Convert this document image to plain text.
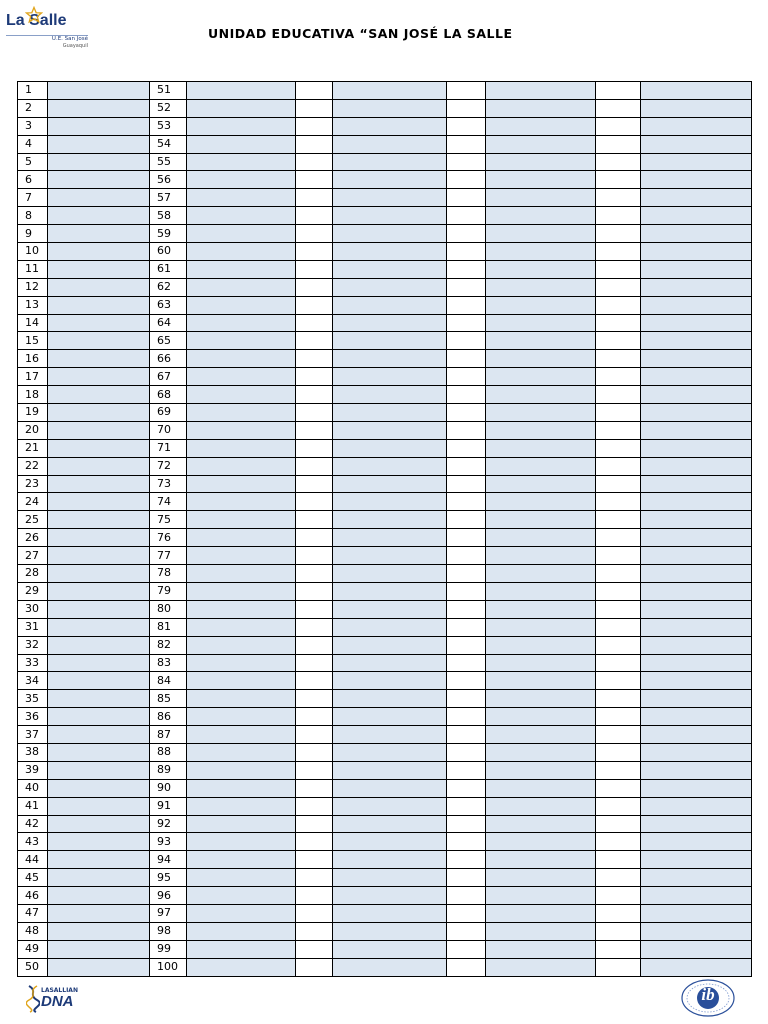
La Salle
U.E. San José
Guayaquil
UNIDAD EDUCATIVA “SAN JOSÉ LA SALLE
1		51							
2		52							
3		53							
4		54							
5		55							
6		56							
7		57							
8		58							
9		59							
10		60							
11		61							
12		62							
13		63							
14		64							
15		65							
16		66							
17		67							
18		68							
19		69							
20		70							
21		71							
22		72							
23		73							
24		74							
25		75							
26		76							
27		77							
28		78							
29		79							
30		80							
31		81							
32		82							
33		83							
34		84							
35		85							
36		86							
37		87							
38		88							
39		89							
40		90							
41		91							
42		92							
43		93							
44		94							
45		95							
46		96							
47		97							
48		98							
49		99							
50		100							
LASALLIAN
DNA	ib
